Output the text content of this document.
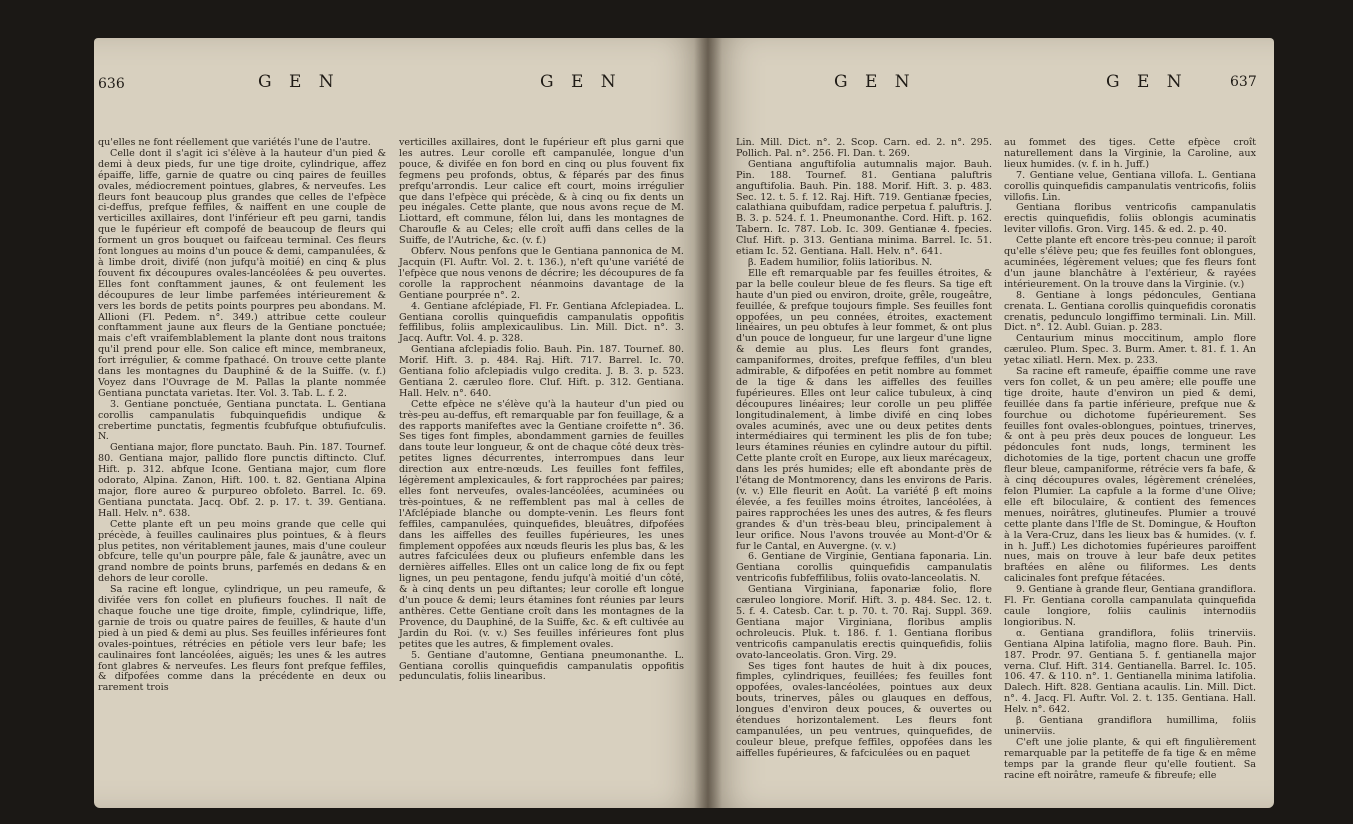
636	G E N	G E N

qu'elles ne font réellement que variétés l'une de l'autre.

Celle dont il s'agit ici s'élève à la hauteur d'un pied & demi à deux pieds, fur une tige droite, cylindrique, affez épaiffe, liffe, garnie de quatre ou cinq paires de feuilles ovales, médiocrement pointues, glabres, & nerveufes. Les fleurs font beaucoup plus grandes que celles de l'efpèce ci-deffus, prefque feffiles, & naiffent en une couple de verticilles axillaires, dont l'inférieur eft peu garni, tandis que le fupérieur eft compofé de beaucoup de fleurs qui forment un gros bouquet ou faifceau terminal. Ces fleurs font longues au moins d'un pouce & demi, campanulées, & à limbe droit, divifé (non jufqu'à moitié) en cinq & plus fouvent fix découpures ovales-lancéolées & peu ouvertes. Elles font conftamment jaunes, & ont feulement les découpures de leur limbe parfemées intérieurement & vers les bords de petits points pourpres peu abondans. M. Allioni (Fl. Pedem. n°. 349.) attribue cette couleur conftamment jaune aux fleurs de la Gentiane ponctuée; mais c'eft vraifemblablement la plante dont nous traitons qu'il prend pour elle. Son calice eft mince, membraneux, fort irrégulier, & comme fpathacé. On trouve cette plante dans les montagnes du Dauphiné & de la Suiffe. (v. f.) Voyez dans l'Ouvrage de M. Pallas la plante nommée Gentiana punctata varietas. Iter. Vol. 3. Tab. L. f. 2.

3. Gentiane ponctuée, Gentiana punctata. L. Gentiana corollis campanulatis fubquinquefidis undique & crebertime punctatis, fegmentis fcubfufque obtufiufculis. N.

Gentiana major, flore punctato. Bauh. Pin. 187. Tournef. 80. Gentiana major, pallido flore punctis diftincto. Cluf. Hift. p. 312. abfque Icone. Gentiana major, cum flore odorato, Alpina. Zanon, Hift. 100. t. 82. Gentiana Alpina major, flore aureo & purpureo obfoleto. Barrel. Ic. 69. Gentiana punctata. Jacq. Obf. 2. p. 17. t. 39. Gentiana. Hall. Helv. n°. 638.

Cette plante eft un peu moins grande que celle qui précède, à feuilles caulinaires plus pointues, & à fleurs plus petites, non véritablement jaunes, mais d'une couleur obfcure, telle qu'un pourpre pâle, fale & jaunâtre, avec un grand nombre de points bruns, parfemés en dedans & en dehors de leur corolle.

Sa racine eft longue, cylindrique, un peu rameufe, & divifée vers fon collet en plufieurs fouches. Il naît de chaque fouche une tige droite, fimple, cylindrique, liffe, garnie de trois ou quatre paires de feuilles, & haute d'un pied à un pied & demi au plus. Ses feuilles inférieures font ovales-pointues, rétrécies en pétiole vers leur bafe; les caulinaires font lancéolées, aiguës; les unes & les autres font glabres & nerveufes. Les fleurs font prefque feffiles, & difpofées comme dans la précédente en deux ou rarement trois

verticilles axillaires, dont le fupérieur eft plus garni que les autres. Leur corolle eft campanulée, longue d'un pouce, & divifée en fon bord en cinq ou plus fouvent fix fegmens peu profonds, obtus, & féparés par des finus prefqu'arrondis. Leur calice eft court, moins irrégulier que dans l'efpèce qui précède, & à cinq ou fix dents un peu inégales. Cette plante, que nous avons reçue de M. Liottard, eft commune, félon lui, dans les montagnes de Charoufle & au Celes; elle croît auffi dans celles de la Suiffe, de l'Autriche, &c. (v. f.)

Obferv. Nous penfons que le Gentiana pannonica de M. Jacquin (Fl. Auftr. Vol. 2. t. 136.), n'eft qu'une variété de l'efpèce que nous venons de décrire; les découpures de fa corolle la rapprochent néanmoins davantage de la Gentiane pourprée n°. 2.

4. Gentiane afclépiade, Fl. Fr. Gentiana Afclepiadea. L. Gentiana corollis quinquefidis campanulatis oppofitis feffilibus, foliis amplexicaulibus. Lin. Mill. Dict. n°. 3. Jacq. Auftr. Vol. 4. p. 328.

Gentiana afclepiadis folio. Bauh. Pin. 187. Tournef. 80. Morif. Hift. 3. p. 484. Raj. Hift. 717. Barrel. Ic. 70. Gentiana folio afclepiadis vulgo credita. J. B. 3. p. 523. Gentiana 2. cæruleo flore. Cluf. Hift. p. 312. Gentiana. Hall. Helv. n°. 640.

Cette efpèce ne s'élève qu'à la hauteur d'un pied ou très-peu au-deffus, eft remarquable par fon feuillage, & a des rapports manifeftes avec la Gentiane croifette n°. 36. Ses tiges font fimples, abondamment garnies de feuilles dans toute leur longueur, & ont de chaque côté deux très-petites lignes décurrentes, interrompues dans leur direction aux entre-nœuds. Les feuilles font feffiles, légèrement amplexicaules, & fort rapprochées par paires; elles font nerveufes, ovales-lancéolées, acuminées ou très-pointues, & ne reffemblent pas mal à celles de l'Afclépiade blanche ou dompte-venin. Les fleurs font feffiles, campanulées, quinquefides, bleuâtres, difpofées dans les aiffelles des feuilles fupérieures, les unes fimplement oppofées aux nœuds fleuris les plus bas, & les autres fafciculées deux ou plufieurs enfemble dans les dernières aiffelles. Elles ont un calice long de fix ou fept lignes, un peu pentagone, fendu jufqu'à moitié d'un côté, & à cinq dents un peu diftantes; leur corolle eft longue d'un pouce & demi; leurs étamines font réunies par leurs anthères. Cette Gentiane croît dans les montagnes de la Provence, du Dauphiné, de la Suiffe, &c. & eft cultivée au Jardin du Roi. (v. v.) Ses feuilles inférieures font plus petites que les autres, & fimplement ovales.

5. Gentiane d'automne, Gentiana pneumonanthe. L. Gentiana corollis quinquefidis campanulatis oppofitis pedunculatis, foliis linearibus.

637
G E N	G E N

Lin. Mill. Dict. n°. 2. Scop. Carn. ed. 2. n°. 295. Pollich. Pal. n°. 256. Fl. Dan. t. 269.

Gentiana anguftifolia autumnalis major. Bauh. Pin. 188. Tournef. 81. Gentiana paluftris anguftifolia. Bauh. Pin. 188. Morif. Hift. 3. p. 483. Sec. 12. t. 5. f. 12. Raj. Hift. 719. Gentianæ fpecies, calathiana quibufdam, radice perpetua f. paluftris. J. B. 3. p. 524. f. 1. Pneumonanthe. Cord. Hift. p. 162. Tabern. Ic. 787. Lob. Ic. 309. Gentianæ 4. fpecies. Cluf. Hift. p. 313. Gentiana minima. Barrel. Ic. 51. etiam Ic. 52. Gentiana. Hall. Helv. n°. 641.

β. Eadem humilior, foliis latioribus. N.

Elle eft remarquable par fes feuilles étroites, & par la belle couleur bleue de fes fleurs. Sa tige eft haute d'un pied ou environ, droite, grêle, rougeâtre, feuillée, & prefque toujours fimple. Ses feuilles font oppofées, un peu connées, étroites, exactement linéaires, un peu obtufes à leur fommet, & ont plus d'un pouce de longueur, fur une largeur d'une ligne & demie au plus. Les fleurs font grandes, campaniformes, droites, prefque feffiles, d'un bleu admirable, & difpofées en petit nombre au fommet de la tige & dans les aiffelles des feuilles fupérieures. Elles ont leur calice tubuleux, à cinq découpures linéaires; leur corolle un peu pliffée longitudinalement, à limbe divifé en cinq lobes ovales acuminés, avec une ou deux petites dents intermédiaires qui terminent les plis de fon tube; leurs étamines réunies en cylindre autour du piftil. Cette plante croît en Europe, aux lieux marécageux, dans les prés humides; elle eft abondante près de l'étang de Montmorency, dans les environs de Paris. (v. v.) Elle fleurit en Août. La variété β eft moins élevée, a fes feuilles moins étroites, lancéolées, à paires rapprochées les unes des autres, & fes fleurs grandes & d'un très-beau bleu, principalement à leur orifice. Nous l'avons trouvée au Mont-d'Or & fur le Cantal, en Auvergne. (v. v.)

6. Gentiane de Virginie, Gentiana faponaria. Lin. Gentiana corollis quinquefidis campanulatis ventricofis fubfeffilibus, foliis ovato-lanceolatis. N.

Gentiana Virginiana, faponariæ folio, flore cæruleo longiore. Morif. Hift. 3. p. 484. Sec. 12. t. 5. f. 4. Catesb. Car. t. p. 70. t. 70. Raj. Suppl. 369. Gentiana major Virginiana, floribus amplis ochroleucis. Pluk. t. 186. f. 1. Gentiana floribus ventricofis campanulatis erectis quinquefidis, foliis ovato-lanceolatis. Gron. Virg. 29.

Ses tiges font hautes de huit à dix pouces, fimples, cylindriques, feuillées; fes feuilles font oppofées, ovales-lancéolées, pointues aux deux bouts, trinerves, pâles ou glauques en deffous, longues d'environ deux pouces, & ouvertes ou étendues horizontalement. Les fleurs font campanulées, un peu ventrues, quinquefides, de couleur bleue, prefque feffiles, oppofées dans les aiffelles fupérieures, & fafciculées ou en paquet

au fommet des tiges. Cette efpèce croît naturellement dans la Virginie, la Caroline, aux lieux humides. (v. f. in h. Juff.)

7. Gentiane velue, Gentiana villofa. L. Gentiana corollis quinquefidis campanulatis ventricofis, foliis villofis. Lin.

Gentiana floribus ventricofis campanulatis erectis quinquefidis, foliis oblongis acuminatis leviter villofis. Gron. Virg. 145. & ed. 2. p. 40.

Cette plante eft encore très-peu connue; il paroît qu'elle s'élève peu; que fes feuilles font oblongues, acuminées, légèrement velues; que fes fleurs font d'un jaune blanchâtre à l'extérieur, & rayées intérieurement. On la trouve dans la Virginie. (v.)

8. Gentiane à longs pédoncules, Gentiana crenata. L. Gentiana corollis quinquefidis coronatis crenatis, pedunculo longiffimo terminali. Lin. Mill. Dict. n°. 12. Aubl. Guian. p. 283.

Centaurium minus moccitinum, amplo flore cæruleo. Plum. Spec. 3. Burm. Amer. t. 81. f. 1. An yetac xiliatl. Hern. Mex. p. 233.

Sa racine eft rameufe, épaiffie comme une rave vers fon collet, & un peu amère; elle pouffe une tige droite, haute d'environ un pied & demi, feuillée dans fa partie inférieure, prefque nue & fourchue ou dichotome fupérieurement. Ses feuilles font ovales-oblongues, pointues, trinerves, & ont à peu près deux pouces de longueur. Les pédoncules font nuds, longs, terminent les dichotomies de la tige, portent chacun une groffe fleur bleue, campaniforme, rétrécie vers fa bafe, & à cinq découpures ovales, légèrement crénelées, felon Plumier. La capfule a la forme d'une Olive; elle eft biloculaire, & contient des femences menues, noirâtres, glutineufes. Plumier a trouvé cette plante dans l'Ifle de St. Domingue, & Houfton à la Vera-Cruz, dans les lieux bas & humides. (v. f. in h. Juff.) Les dichotomies fupérieures paroiffent nues, mais on trouve à leur bafe deux petites braftées en alêne ou filiformes. Les dents calicinales font prefque fétacées.

9. Gentiane à grande fleur, Gentiana grandiflora. Fl. Fr. Gentiana corolla campanulata quinquefida caule longiore, foliis caulinis internodiis longioribus. N.

α. Gentiana grandiflora, foliis trinerviis. Gentiana Alpina latifolia, magno flore. Bauh. Pin. 187. Prodr. 97. Gentiana 5. f. gentianella major verna. Cluf. Hift. 314. Gentianella. Barrel. Ic. 105. 106. 47. & 110. n°. 1. Gentianella minima latifolia. Dalech. Hift. 828. Gentiana acaulis. Lin. Mill. Dict. n°. 4. Jacq. Fl. Auftr. Vol. 2. t. 135. Gentiana. Hall. Helv. n°. 642.

β. Gentiana grandiflora humillima, foliis uninerviis.

C'eft une jolie plante, & qui eft fingulièrement remarquable par la petiteffe de fa tige & en même temps par la grande fleur qu'elle foutient. Sa racine eft noirâtre, rameufe & fibreufe; elle
